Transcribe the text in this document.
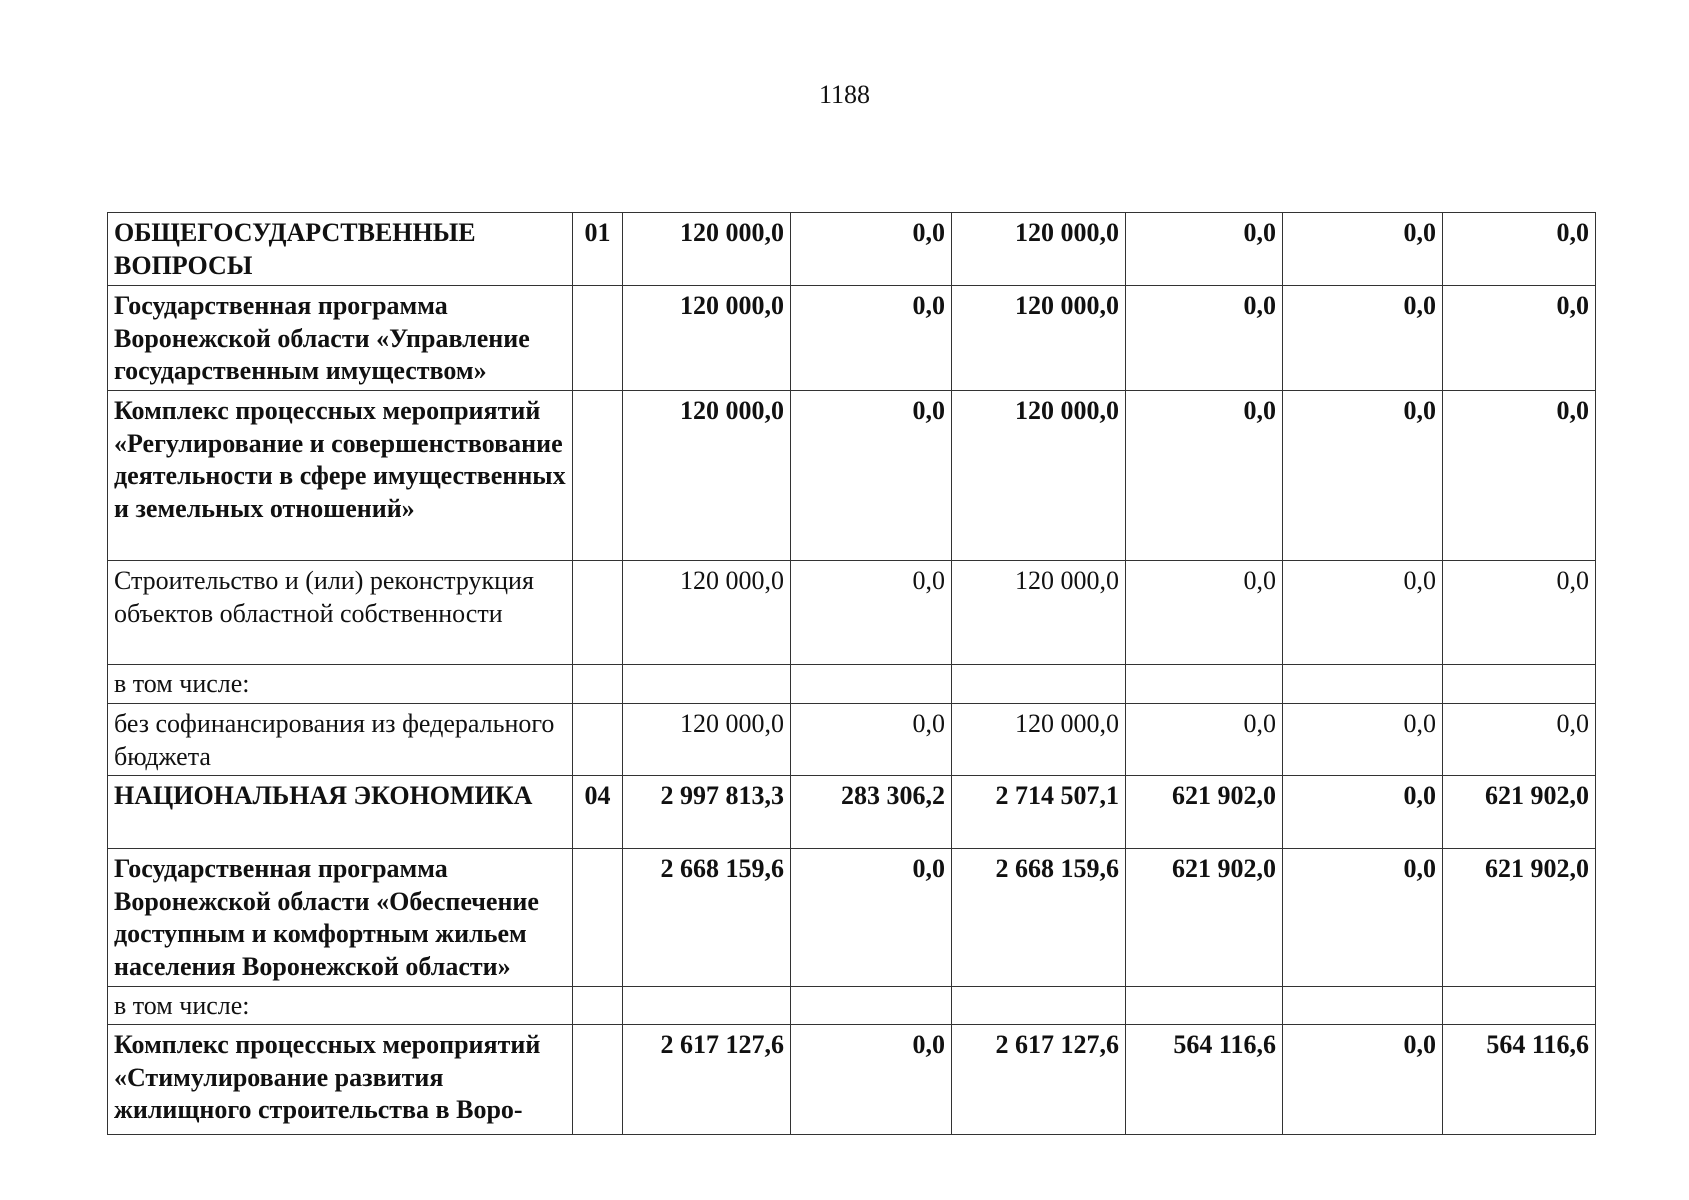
1188
ОБЩЕГОСУДАРСТВЕННЫЕ ВОПРОСЫ	01	120 000,0	0,0	120 000,0	0,0	0,0	0,0
Государственная программа Воронежской области «Управление государственным имуществом»		120 000,0	0,0	120 000,0	0,0	0,0	0,0
Комплекс процессных мероприятий «Регулирование и совершенствование деятельности в сфере имущественных и земельных отношений»		120 000,0	0,0	120 000,0	0,0	0,0	0,0
Строительство и (или) реконструкция объектов областной собственности		120 000,0	0,0	120 000,0	0,0	0,0	0,0
в том числе:							
без софинансирования из федерального бюджета		120 000,0	0,0	120 000,0	0,0	0,0	0,0
НАЦИОНАЛЬНАЯ ЭКОНОМИКА	04	2 997 813,3	283 306,2	2 714 507,1	621 902,0	0,0	621 902,0
Государственная программа Воронежской области «Обеспечение доступным и комфортным жильем населения Воронежской области»		2 668 159,6	0,0	2 668 159,6	621 902,0	0,0	621 902,0
в том числе:							
Комплекс процессных мероприятий «Стимулирование развития жилищного строительства в Воро-		2 617 127,6	0,0	2 617 127,6	564 116,6	0,0	564 116,6
